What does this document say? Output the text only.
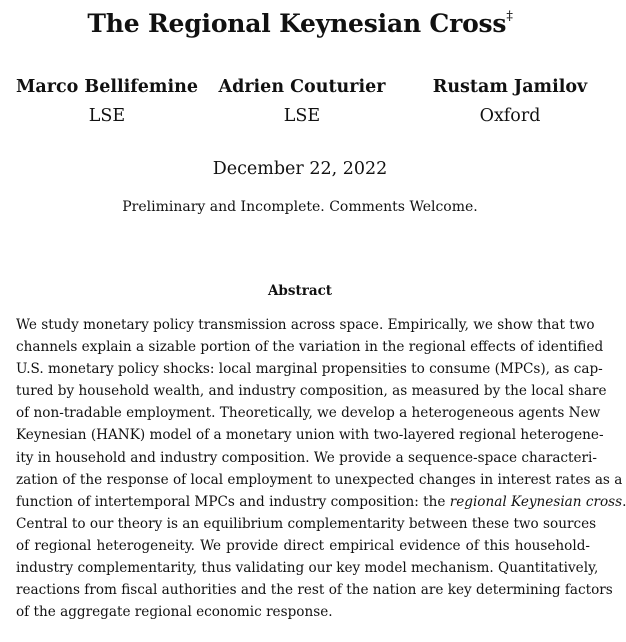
The Regional Keynesian Cross‡
Marco Bellifemine
LSE
Adrien Couturier
LSE
Rustam Jamilov
Oxford
December 22, 2022
Preliminary and Incomplete. Comments Welcome.
Abstract
We study monetary policy transmission across space. Empirically, we show that two
channels explain a sizable portion of the variation in the regional effects of identified
U.S. monetary policy shocks: local marginal propensities to consume (MPCs), as cap-
tured by household wealth, and industry composition, as measured by the local share
of non-tradable employment. Theoretically, we develop a heterogeneous agents New
Keynesian (HANK) model of a monetary union with two-layered regional heterogene-
ity in household and industry composition. We provide a sequence-space characteri-
zation of the response of local employment to unexpected changes in interest rates as a
function of intertemporal MPCs and industry composition: the regional Keynesian cross.
Central to our theory is an equilibrium complementarity between these two sources
of regional heterogeneity. We provide direct empirical evidence of this household-
industry complementarity, thus validating our key model mechanism. Quantitatively,
reactions from fiscal authorities and the rest of the nation are key determining factors
of the aggregate regional economic response.
